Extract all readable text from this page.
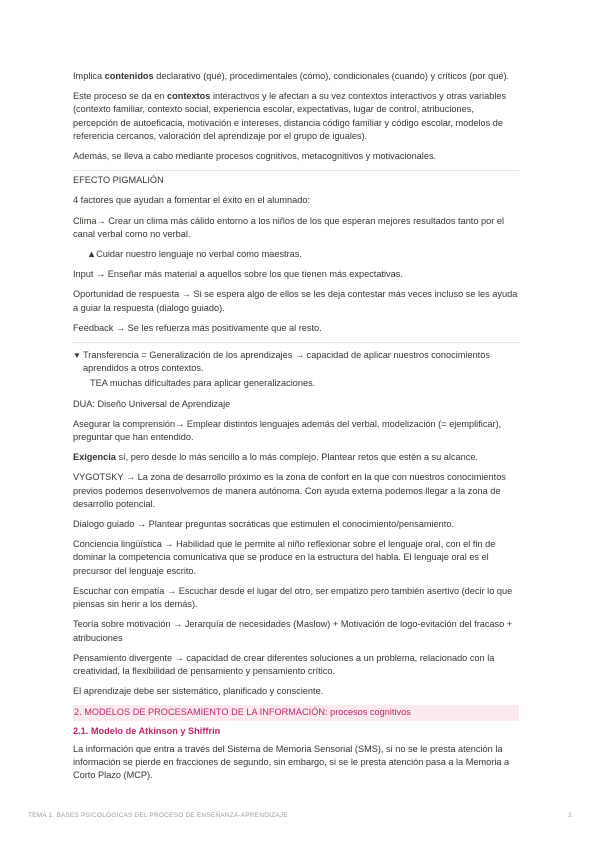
Implica contenidos declarativo (qué), procedimentales (cómo), condicionales (cuando) y críticos (por qué).

Este proceso se da en contextos interactivos y le afectan a su vez contextos interactivos y otras variables (contexto familiar, contexto social, experiencia escolar, expectativas, lugar de control, atribuciones, percepción de autoeficacia, motivación e intereses, distancia código familiar y código escolar, modelos de referencia cercanos, valoración del aprendizaje por el grupo de iguales).

Además, se lleva a cabo mediante procesos cognitivos, metacognitivos y motivacionales.

EFECTO PIGMALIÓN

4 factores que ayudan a fomentar el éxito en el alumnado:

Clima→ Crear un clima más cálido entorno a los niños de los que esperan mejores resultados tanto por el canal verbal como no verbal.

▲Cuidar nuestro lenguaje no verbal como maestras.

Input → Enseñar más material a aquellos sobre los que tienen más expectativas.

Oportunidad de respuesta → Si se espera algo de ellos se les deja contestar más veces incluso se les ayuda a guiar la respuesta (dialogo guiado).

Feedback → Se les refuerza más positivamente que al resto.

▼ Transferencia = Generalización de los aprendizajes → capacidad de aplicar nuestros conocimientos aprendidos a otros contextos.
TEA muchas dificultades para aplicar generalizaciones.

DUA: Diseño Universal de Aprendizaje

Asegurar la comprensión→ Emplear distintos lenguajes además del verbal, modelización (= ejemplificar), preguntar que han entendido.

Exigencia sí, pero desde lo más sencillo a lo más complejo. Plantear retos que estén a su alcance.

VYGOTSKY → La zona de desarrollo próximo es la zona de confort en la que con nuestros conocimientos previos podemos desenvolvernos de manera autónoma. Con ayuda externa podemos llegar a la zona de desarrollo potencial.

Dialogo guiado → Plantear preguntas socráticas que estimulen el conocimiento/pensamiento.

Conciencia lingüística → Habilidad que le permite al niño reflexionar sobre el lenguaje oral, con el fin de dominar la competencia comunicativa que se produce en la estructura del habla. El lenguaje oral es el precursor del lenguaje escrito.

Escuchar con empatía → Escuchar desde el lugar del otro, ser empatizo pero también asertivo (decir lo que piensas sin herir a los demás).

Teoría sobre motivación → Jerarquía de necesidades (Maslow) + Motivación de logo-evitación del fracaso + atribuciones

Pensamiento divergente → capacidad de crear diferentes soluciones a un problema, relacionado con la creatividad, la flexibilidad de pensamiento y pensamiento crítico.

El aprendizaje debe ser sistemático, planificado y consciente.

2. MODELOS DE PROCESAMIENTO DE LA INFORMACIÓN: procesos cognitivos
2.1. Modelo de Atkinson y Shiffrin

La información que entra a través del Sistema de Memoria Sensorial (SMS), si no se le presta atención la información se pierde en fracciones de segundo, sin embargo, si se le presta atención pasa a la Memoria a Corto Plazo (MCP).

TEMA 1. BASES PSICOLÓGICAS DEL PROCESO DE ENSEÑANZA-APRENDIZAJE	2
